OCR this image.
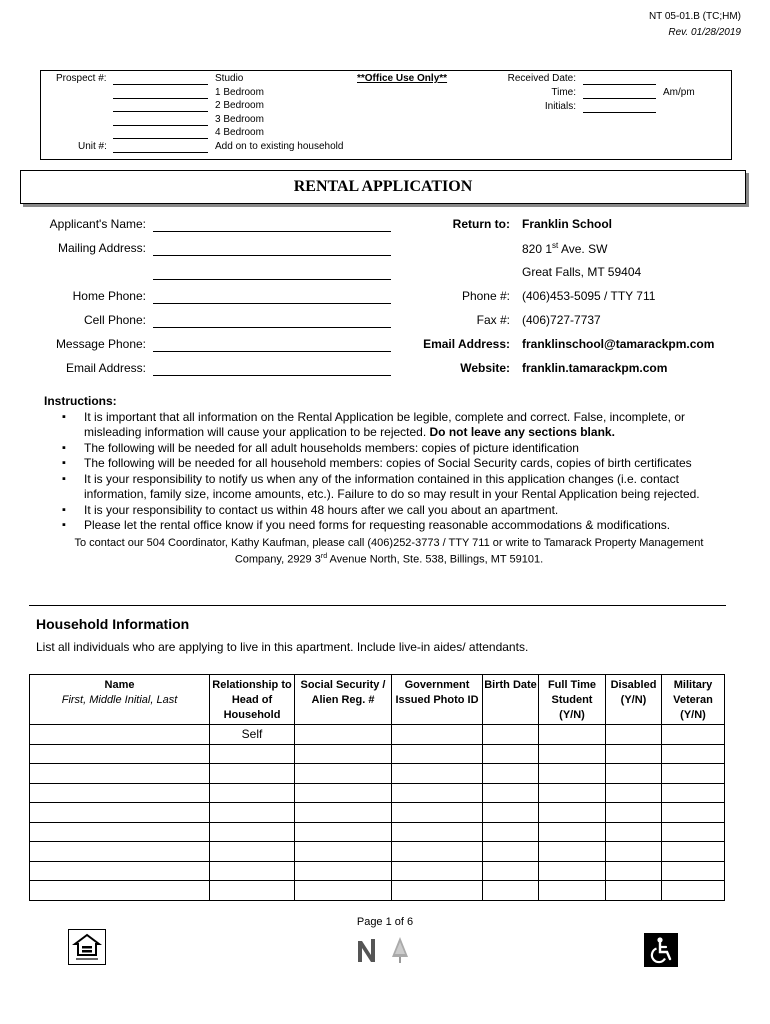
NT 05-01.B (TC;HM)
Rev. 01/28/2019
Prospect #:
Unit #:
Studio
1 Bedroom
2 Bedroom
3 Bedroom
4 Bedroom
Add on to existing household
**Office Use Only**	Received Date:
Time:	Am/pm
Initials:
RENTAL APPLICATION
Applicant's Name:
Mailing Address:
Home Phone:
Cell Phone:
Message Phone:
Email Address:
Return to: Franklin School
820 1st Ave. SW
Great Falls, MT 59404
Phone #: (406)453-5095 / TTY 711
Fax #: (406)727-7737
Email Address: franklinschool@tamarackpm.com
Website: franklin.tamarackpm.com
Instructions:
▪ It is important that all information on the Rental Application be legible, complete and correct. False, incomplete, or misleading information will cause your application to be rejected. Do not leave any sections blank.
▪ The following will be needed for all adult households members: copies of picture identification
▪ The following will be needed for all household members: copies of Social Security cards, copies of birth certificates
▪ It is your responsibility to notify us when any of the information contained in this application changes (i.e. contact information, family size, income amounts, etc.). Failure to do so may result in your Rental Application being rejected.
▪ It is your responsibility to contact us within 48 hours after we call you about an apartment.
▪ Please let the rental office know if you need forms for requesting reasonable accommodations & modifications.
To contact our 504 Coordinator, Kathy Kaufman, please call (406)252-3773 / TTY 711 or write to Tamarack Property Management
Company, 2929 3rd Avenue North, Ste. 538, Billings, MT 59101.
Household Information
List all individuals who are applying to live in this apartment. Include live-in aides/ attendants.
Name
First, Middle Initial, Last	Relationship to Head of Household	Social Security / Alien Reg. #	Government Issued Photo ID	Birth Date	Full Time Student (Y/N)	Disabled (Y/N)	Military Veteran (Y/N)
	Self						

Page 1 of 6
